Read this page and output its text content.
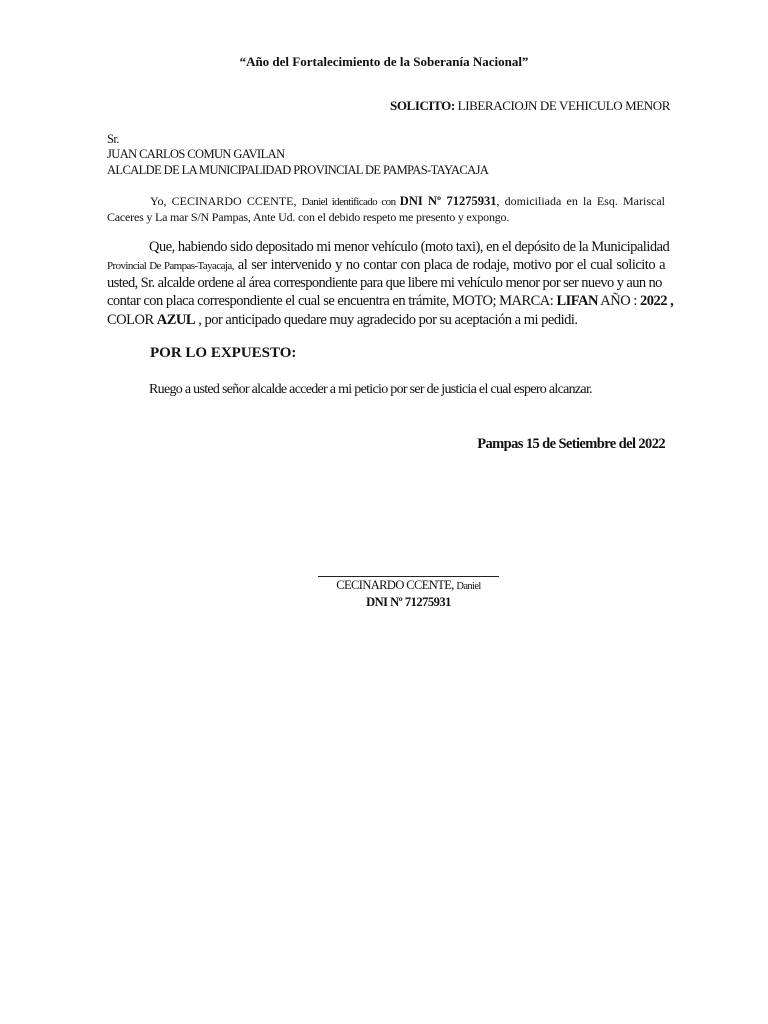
“Año del Fortalecimiento de la Soberanía Nacional”
SOLICITO: LIBERACIOJN DE VEHICULO MENOR
Sr.
JUAN CARLOS COMUN GAVILAN
ALCALDE DE LA MUNICIPALIDAD PROVINCIAL DE PAMPAS-TAYACAJA
Yo, CECINARDO CCENTE, Daniel identificado con DNI Nº 71275931, domiciliada en la Esq. Mariscal
Caceres y La mar S/N Pampas, Ante Ud. con el debido respeto me presento y expongo.
Que, habiendo sido depositado mi menor vehículo (moto taxi), en el depósito de la Municipalidad
Provincial De Pampas-Tayacaja, al ser intervenido y no contar con placa de rodaje, motivo por el cual solicito a
usted, Sr. alcalde ordene al área correspondiente para que libere mi vehículo menor por ser nuevo y aun no
contar con placa correspondiente el cual se encuentra en trámite, MOTO; MARCA: LIFAN AÑO : 2022 ,
COLOR AZUL , por anticipado quedare muy agradecido por su aceptación a mi pedidi.
POR LO EXPUESTO:
Ruego a usted señor alcalde acceder a mi peticio por ser de justicia el cual espero alcanzar.
Pampas 15 de Setiembre del 2022
CECINARDO CCENTE, Daniel
DNI Nº 71275931
